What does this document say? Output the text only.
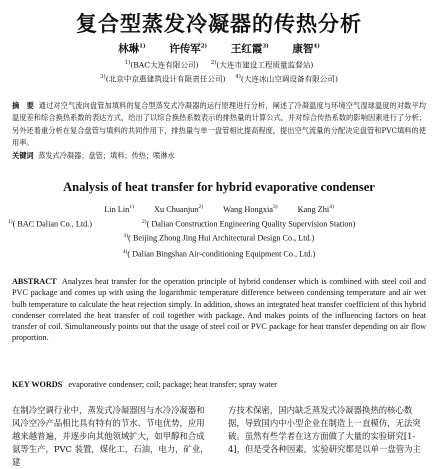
复合型蒸发冷凝器的传热分析
林琳$^{1)}$ 许传军$^{2)}$ 王红霞$^{3)}$ 康智$^{4)}$
$^{1)}$(BAC大连有限公司) $^{2)}$(大连市建设工程质量监督站)
$^{3)}$(北京中京惠建筑设计有限责任公司) $^{4)}$(大连冰山空调设备有限公司)
摘　要 通过对空气流向盘管加填料的复合型蒸发式冷凝器的运行原理进行分析，阐述了冷凝温度与环境空气湿球温度的对数平均温度差和综合换热系数的表达方式，给出了以综合换热系数表示的排热量的计算公式，并对综合传热系数的影响因素进行了分析；另外还着重分析在复合盘管与填料的共同作用下，排热量与单一盘管相比提高程度，提出空气流量的分配决定盘管和PVC填料的使用率。
关键词 蒸发式冷凝器；盘管；填料；传热；喷淋水
Analysis of heat transfer for hybrid evaporative condenser
Lin Lin$^{1)}$ Xu Chuanjun$^{2)}$ Wang Hongxia$^{3)}$ Kang Zhi$^{4)}$
$^{1)}$( BAC Dalian Co., Ltd.)	$^{2)}$( Dalian Construction Engineering Quality Supervision Station)
$^{3)}$( Beijing Zhong Jing Hui Architectural Design Co., Ltd.)
$^{4)}$( Dalian Bingshan Air-conditioning Equipment Co., Ltd.)
ABSTRACT Analyzes heat transfer for the operation principle of hybrid condenser which is combined with steel coil and PVC package and comes up with using the logarithmic temperature difference between condensing temperature and air wet bulb temperature to calculate the heat rejection simply. In addition, shows an integrated heat transfer coefficient of this hybrid condenser correlated the heat transfer of coil together with package. And makes points of the influencing factors on heat transfer of coil. Simultaneously points out that the usage of steel coil or PVC package for heat transfer depending on air flow proportion.
KEY WORDS evaporative condenser; coil; package; heat transfer; spray water
在制冷空调行业中，蒸发式冷凝器因与水冷冷凝器和风冷空冷产品相比具有特有的节水、节电优势，应用越来越普遍，并逐步向其他领域扩大，如甲醇和合成氨等生产，PVC 装置，煤化工，石油，电力，矿业，建
方技术保密，国内缺乏蒸发式冷凝器换热的核心数据，导致国内中小型企业在制造上一直模仿，无法突破。虽然有些学者在这方面做了大量的实验研究[1-4]，但是受各种因素，实验研究都是以单一盘管为主
